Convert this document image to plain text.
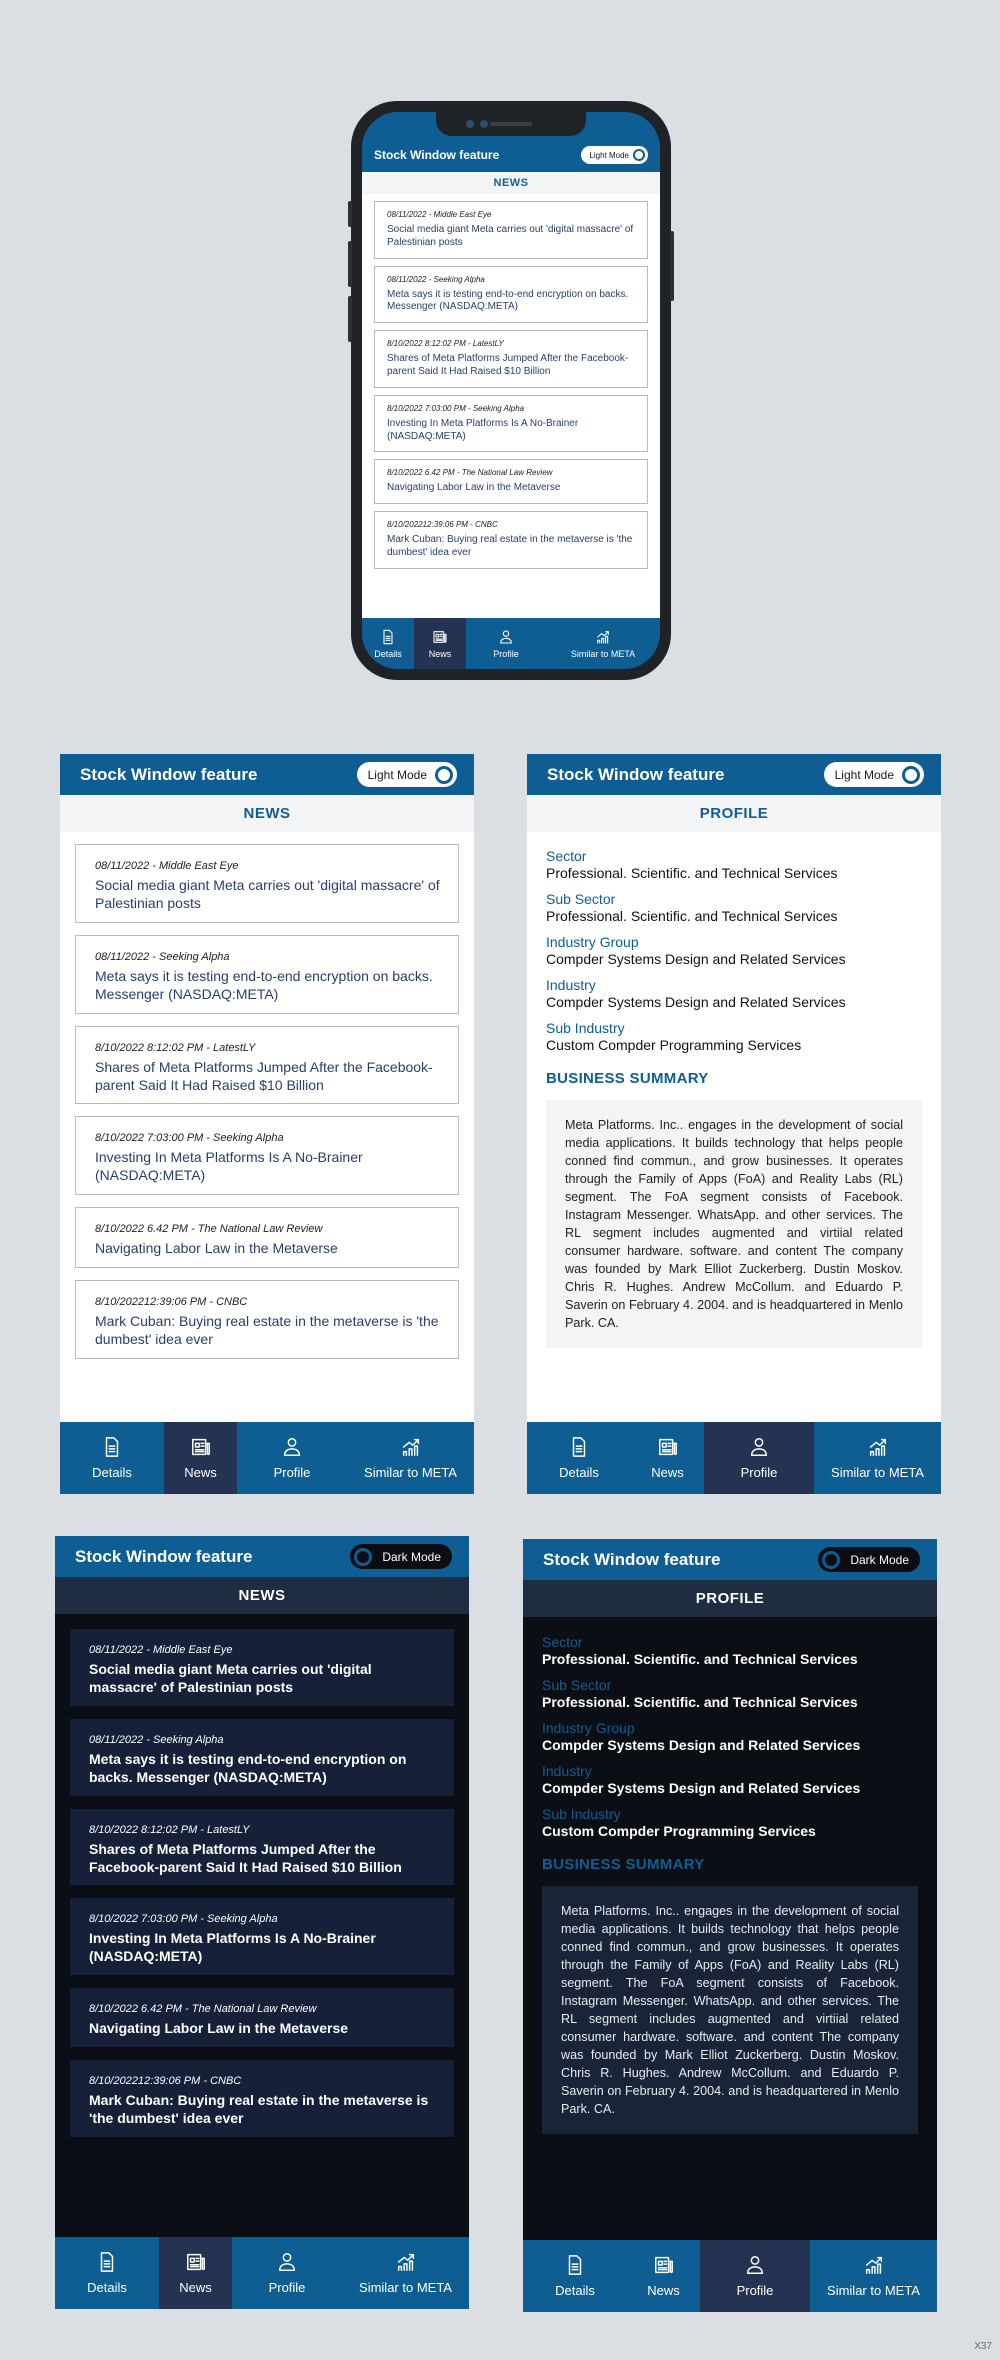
Stock Window feature	Light Mode
NEWS
08/11/2022 - Middle East Eye
Social media giant Meta carries out 'digital massacre' of Palestinian posts
08/11/2022 - Seeking Alpha
Meta says it is testing end-to-end encryption on backs. Messenger (NASDAQ:META)
8/10/2022 8:12:02 PM - LatestLY
Shares of Meta Platforms Jumped After the Facebook-parent Said It Had Raised $10 Billion
8/10/2022 7:03:00 PM - Seeking Alpha
Investing In Meta Platforms Is A No-Brainer (NASDAQ:META)
8/10/2022 6.42 PM - The National Law Review
Navigating Labor Law in the Metaverse
8/10/202212:39:06 PM - CNBC
Mark Cuban: Buying real estate in the metaverse is 'the dumbest' idea ever
Details	News	Profile	Similar to META
Stock Window feature	Light Mode
NEWS
08/11/2022 - Middle East Eye
Social media giant Meta carries out 'digital massacre' of Palestinian posts
08/11/2022 - Seeking Alpha
Meta says it is testing end-to-end encryption on backs. Messenger (NASDAQ:META)
8/10/2022 8:12:02 PM - LatestLY
Shares of Meta Platforms Jumped After the Facebook-parent Said It Had Raised $10 Billion
8/10/2022 7:03:00 PM - Seeking Alpha
Investing In Meta Platforms Is A No-Brainer (NASDAQ:META)
8/10/2022 6.42 PM - The National Law Review
Navigating Labor Law in the Metaverse
8/10/202212:39:06 PM - CNBC
Mark Cuban: Buying real estate in the metaverse is 'the dumbest' idea ever
Details	News	Profile	Similar to META
Stock Window feature	Light Mode
PROFILE
Sector
Professional. Scientific. and Technical Services
Sub Sector
Professional. Scientific. and Technical Services
Industry Group
Compder Systems Design and Related Services
Industry
Compder Systems Design and Related Services
Sub Industry
Custom Compder Programming Services
BUSINESS SUMMARY
Meta Platforms. Inc.. engages in the development of social media applications. It builds technology that helps people conned find commun., and grow businesses. It operates through the Family of Apps (FoA) and Reality Labs (RL) segment. The FoA segment consists of Facebook. Instagram Messenger. WhatsApp. and other services. The RL segment includes augmented and virtiial related consumer hardware. software. and content The company was founded by Mark Elliot Zuckerberg. Dustin Moskov. Chris R. Hughes. Andrew McCollum. and Eduardo P. Saverin on February 4. 2004. and is headquartered in Menlo Park. CA.
Details	News	Profile	Similar to META
Stock Window feature	Dark Mode
NEWS
08/11/2022 - Middle East Eye
Social media giant Meta carries out 'digital massacre' of Palestinian posts
08/11/2022 - Seeking Alpha
Meta says it is testing end-to-end encryption on backs. Messenger (NASDAQ:META)
8/10/2022 8:12:02 PM - LatestLY
Shares of Meta Platforms Jumped After the Facebook-parent Said It Had Raised $10 Billion
8/10/2022 7:03:00 PM - Seeking Alpha
Investing In Meta Platforms Is A No-Brainer (NASDAQ:META)
8/10/2022 6.42 PM - The National Law Review
Navigating Labor Law in the Metaverse
8/10/202212:39:06 PM - CNBC
Mark Cuban: Buying real estate in the metaverse is 'the dumbest' idea ever
Details	News	Profile	Similar to META
Stock Window feature	Dark Mode
PROFILE
Sector
Professional. Scientific. and Technical Services
Sub Sector
Professional. Scientific. and Technical Services
Industry Group
Compder Systems Design and Related Services
Industry
Compder Systems Design and Related Services
Sub Industry
Custom Compder Programming Services
BUSINESS SUMMARY
Meta Platforms. Inc.. engages in the development of social media applications. It builds technology that helps people conned find commun., and grow businesses. It operates through the Family of Apps (FoA) and Reality Labs (RL) segment. The FoA segment consists of Facebook. Instagram Messenger. WhatsApp. and other services. The RL segment includes augmented and virtiial related consumer hardware. software. and content The company was founded by Mark Elliot Zuckerberg. Dustin Moskov. Chris R. Hughes. Andrew McCollum. and Eduardo P. Saverin on February 4. 2004. and is headquartered in Menlo Park. CA.
Details	News	Profile	Similar to META
X37
